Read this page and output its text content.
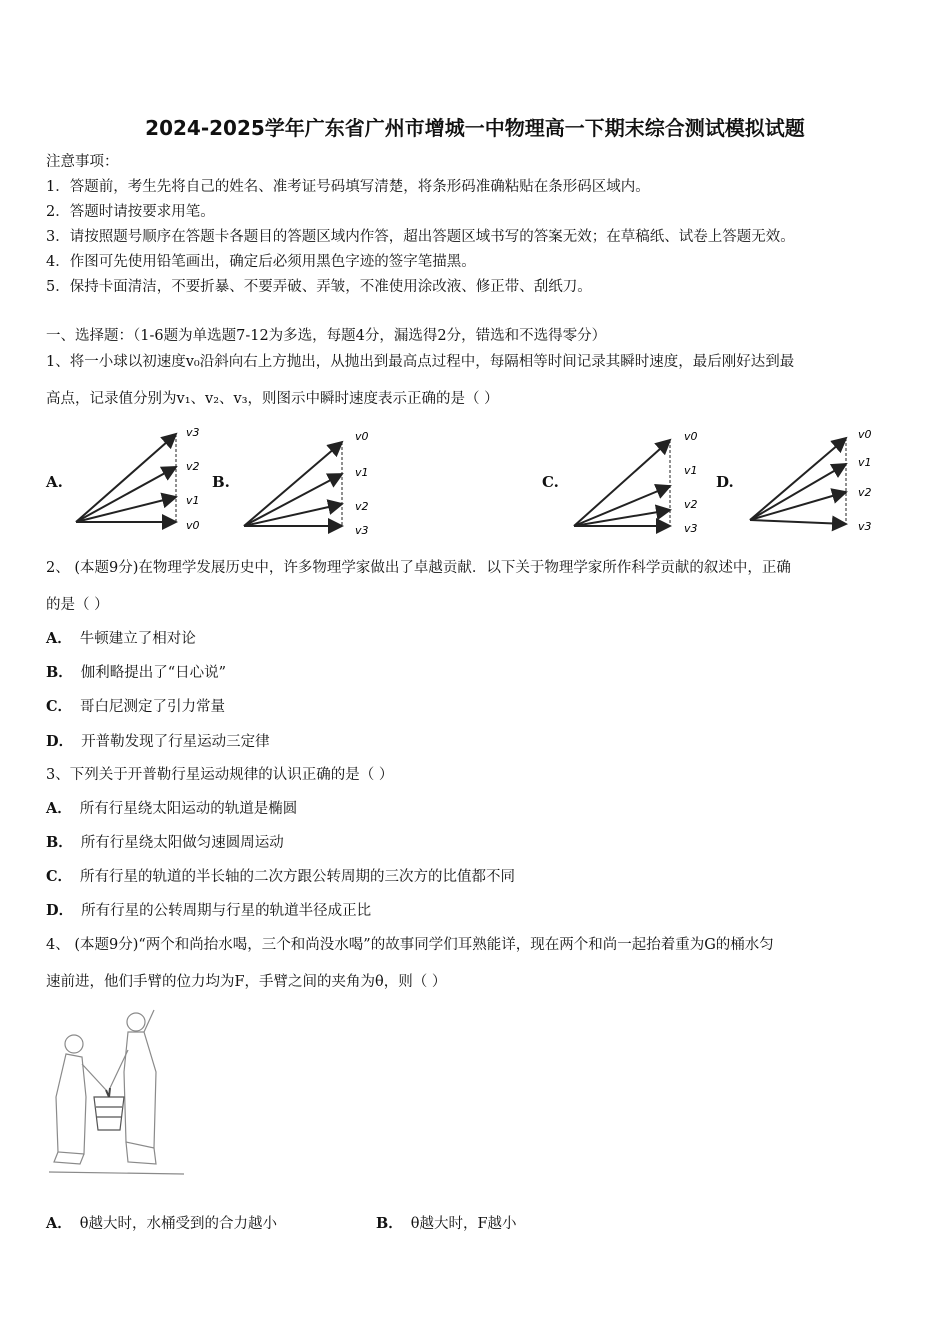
2024-2025学年广东省广州市增城一中物理高一下期末综合测试模拟试题
注意事项：
1．答题前，考生先将自己的姓名、准考证号码填写清楚，将条形码准确粘贴在条形码区域内。
2．答题时请按要求用笔。
3．请按照题号顺序在答题卡各题目的答题区域内作答，超出答题区域书写的答案无效；在草稿纸、试卷上答题无效。
4．作图可先使用铅笔画出，确定后必须用黑色字迹的签字笔描黑。
5．保持卡面清洁，不要折暴、不要弄破、弄皱，不准使用涂改液、修正带、刮纸刀。
一、选择题：（1-6题为单选题7-12为多选，每题4分，漏选得2分，错选和不选得零分）
1、将一小球以初速度v₀沿斜向右上方抛出，从抛出到最高点过程中，每隔相等时间记录其瞬时速度，最后刚好达到最
高点，记录值分别为v₁、v₂、v₃，则图示中瞬时速度表示正确的是（ ）
A.
v3
v2
v1
v0
B.
v0
v1
v2
v3
C.
v0
v1
v2
v3
D.
v0
v1
v2
v3
2、 (本题9分)在物理学发展历史中，许多物理学家做出了卓越贡献．以下关于物理学家所作科学贡献的叙述中，正确
的是（ ）
A． 牛顿建立了相对论
B． 伽利略提出了“日心说”
C． 哥白尼测定了引力常量
D． 开普勒发现了行星运动三定律
3、下列关于开普勒行星运动规律的认识正确的是（ ）
A． 所有行星绕太阳运动的轨道是椭圆
B． 所有行星绕太阳做匀速圆周运动
C． 所有行星的轨道的半长轴的二次方跟公转周期的三次方的比值都不同
D． 所有行星的公转周期与行星的轨道半径成正比
4、 (本题9分)“两个和尚抬水喝，三个和尚没水喝”的故事同学们耳熟能详，现在两个和尚一起抬着重为G的桶水匀
速前进，他们手臂的位力均为F，手臂之间的夹角为θ，则（ ）
A． θ越大时，水桶受到的合力越小	B． θ越大时，F越小
